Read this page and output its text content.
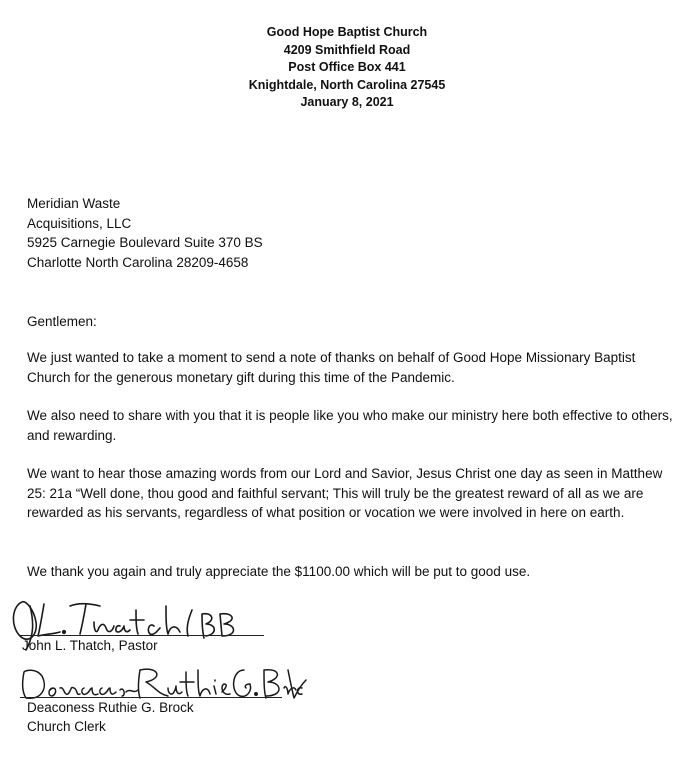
Good Hope Baptist Church
4209 Smithfield Road
Post Office Box 441
Knightdale, North Carolina 27545
January 8, 2021
Meridian Waste
Acquisitions, LLC
5925 Carnegie Boulevard Suite 370 BS
Charlotte North Carolina 28209-4658
Gentlemen:

We just wanted to take a moment to send a note of thanks on behalf of Good Hope Missionary Baptist Church for the generous monetary gift during this time of the Pandemic.

We also need to share with you that it is people like you who make our ministry here both effective to others, and rewarding.

We want to hear those amazing words from our Lord and Savior, Jesus Christ one day as seen in Matthew 25: 21a “Well done, thou good and faithful servant; This will truly be the greatest reward of all as we are rewarded as his servants, regardless of what position or vocation we were involved in here on earth.

We thank you again and truly appreciate the $1100.00 which will be put to good use.

John L. Thatch, Pastor
Deaconess Ruthie G. Brock
Church Clerk
